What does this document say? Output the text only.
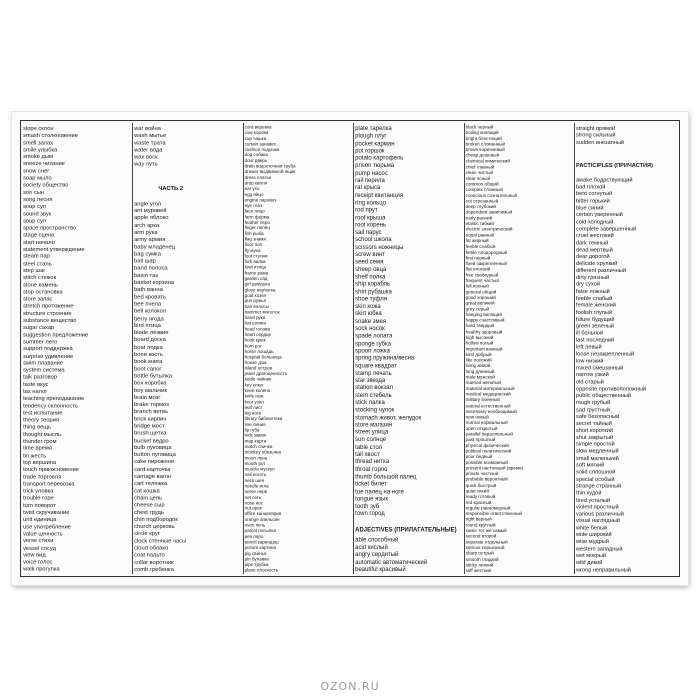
slope склон
smash столкновение
smell запах
smile улыбка
smoke дым
sneeze чихание
snow снег
soap мыло
society общество
son сын
song песня
soup суп
sound звук
soup суп
space пространство
stage сцена
start начало
statement утверждение
steam пар
steel сталь
step шаг
stitch стежок
stone камень
stop остановка
store запас
stretch протяжение
structure строение
substance вещество
sugar сахар
suggestion предложение
summer лето
support поддержка
surprise удивление
swim плавание
system система
talk разговор
taste вкус
tax налог
teaching преподавание
tendency склонность
test испытание
theory теория
thing вещь
thought мысль
thunder гром
time время
tin жесть
top вершина
touch прикосновение
trade торговля
transport перевозка
trick уловка
trouble горе
turn поворот
twist скручивание
unit единица
use употребление
value ценность
verse стихи
vessel сосуд
view вид
voice голос
walk прогулка
war война
wash мытье
waste трата
water вода
wax воск
way путь
ЧАСТЬ 2
angle угол
ant муравей
apple яблоко
arch арка
arm рука
army армия
baby младенец
bag сумка
ball шар
band полоса
basin таз
basket корзина
bath ванна
bed кровать
bee пчела
bell колокол
berry ягода
bird птица
blade лезвие
board доска
boat лодка
bone кость
book книга
boot сапог
bottle бутылка
box коробка
boy мальчик
brain мозг
brake тормоз
branch ветвь
brick кирпич
bridge мост
brush щетка
bucket ведро
bulb луковица
button пуговица
cake пирожное
card карточка
carriage вагон
cart тележка
cat кошка
chain цепь
cheese сыр
chest грудь
chin подбородок
church церковь
circle круг
clock стенные часы
cloud облако
coat пальто
collar воротник
comb гребенка
cord веревка
cow корова
cup чашка
curtain занавес
cushion подушка
dog собака
door дверь
drain водосточная труба
drawer выдвижной ящик
dress платье
drop капля
ear ухо
egg яйцо
engine паровоз
eye глаз
face лицо
farm ферма
feather перо
finger палец
fish рыба
flag знамя
floor пол
fly муха
foot ступня
fork вилка
fowl птица
frame рама
garden сад
girl девушка
glove перчатка
goat козел
gun ружье
hair волосы
hammer молоток
hand рука
hat шляпа
head голова
heart сердце
hook крюк
horn рог
horse лошадь
hospital больница
house дом
island остров
jewel драгоценность
kettle чайник
key ключ
knee колено
knife нож
knot узел
leaf лист
leg нога
library библиотека
line линия
lip губа
lock замок
map карта
match спичка
monkey обезьяна
moon луна
mouth рот
muscle мускул
nail ноготь
neck шея
needle игла
nerve нерв
net сеть
nose нос
nut орех
office канцелярия
orange апельсин
oven печь
parcel посылка
pen перо
pencil карандаш
picture картина
pig свинья
pin булавка
pipe трубка
plane плоскость
plate тарелка
plough плуг
pocket карман
pot горшок
potato картофель
prison тюрьма
pump насос
rail перила
rat крыса
receipt квитанция
ring кольцо
rod прут
roof крыша
root корень
sail парус
school школа
scissors ножницы
screw винт
seed семя
sheep овца
shelf полка
ship корабль
shirt рубашка
shoe туфля
skin кожа
skirt юбка
snake змея
sock носок
spade лопата
sponge губка
spoon ложка
spring пружина/весна
square квадрат
stamp печать
star звезда
station вокзал
stem стебель
stick палка
stocking чулок
stomach живот, желудок
store магазин
street улица
sun солнце
table стол
tail хвост
thread нитка
throat горло
thumb большой палец
ticket билет
toe палец на ноге
tongue язык
tooth зуб
town город
ADJECTIVES (ПРИЛАГАТЕЛЬНЫЕ)
able способный
acid кислый
angry сердитый
automatic автоматический
beautiful красивый
black черный
boiling кипящий
bright блестящий
broken сломанный
brown коричневый
cheap дешевый
chemical химический
chief главный
clean чистый
clear ясный
common общий
complex сложный
conscious сознательный
cut отрезанный
deep глубокий
dependent зависимый
early ранний
elastic гибкий
electric электрический
equal равный
fat жирный
feeble слабый
fertile плодородный
first первый
fixed закрепленный
flat плоский
free свободный
frequent частый
full полный
general общий
good хороший
great великий
grey серый
hanging висящий
happy счастливый
hard твердый
healthy здоровый
high высокий
hollow полый
important важный
kind добрый
like похожий
living живой
long длинный
male мужской
married женатый
material материальный
medical медицинский
military военный
natural естественный
necessary необходимый
new новый
normal нормальный
open открытый
parallel параллельный
past прошлый
physical физический
political политический
poor бедный
possible возможный
present настоящий (время)
private частный
probable вероятный
quick быстрый
quiet тихий
ready готовый
red красный
regular равномерный
responsible ответственный
right верный
round круглый
same тот же самый
second второй
separate отдельный
serious серьезный
sharp острый
smooth гладкий
sticky липкий
stiff жесткий
straight прямой
strong сильный
sudden внезапный
PACTICIPLES (ПРИЧАСТИЯ)
awake бодрствующий
bad плохой
bent согнутый
bitter горький
blue синий
certain уверенный
cold холодный
complete завершенный
cruel жестокий
dark темный
dead мертвый
dear дорогой
delicate хрупкий
different различный
dirty грязный
dry сухой
false ложный
feeble слабый
female женский
foolish глупый
future будущий
green зеленый
ill больной
last последний
left левый
loose незакрепленный
low низкий
mixed смешанный
narrow узкий
old старый
opposite противоположный
public общественный
rough грубый
sad грустный
safe безопасный
secret тайный
short короткий
shut закрытый
simple простой
slow медленный
small маленький
soft мягкий
solid сплошной
special особый
strange странный
thin худой
tired усталый
violent яростный
various различный
visual наглядный
white белый
wide широкий
wise мудрый
western западный
wet мокрый
wild дикий
wrong неправильный
OZON.RU
